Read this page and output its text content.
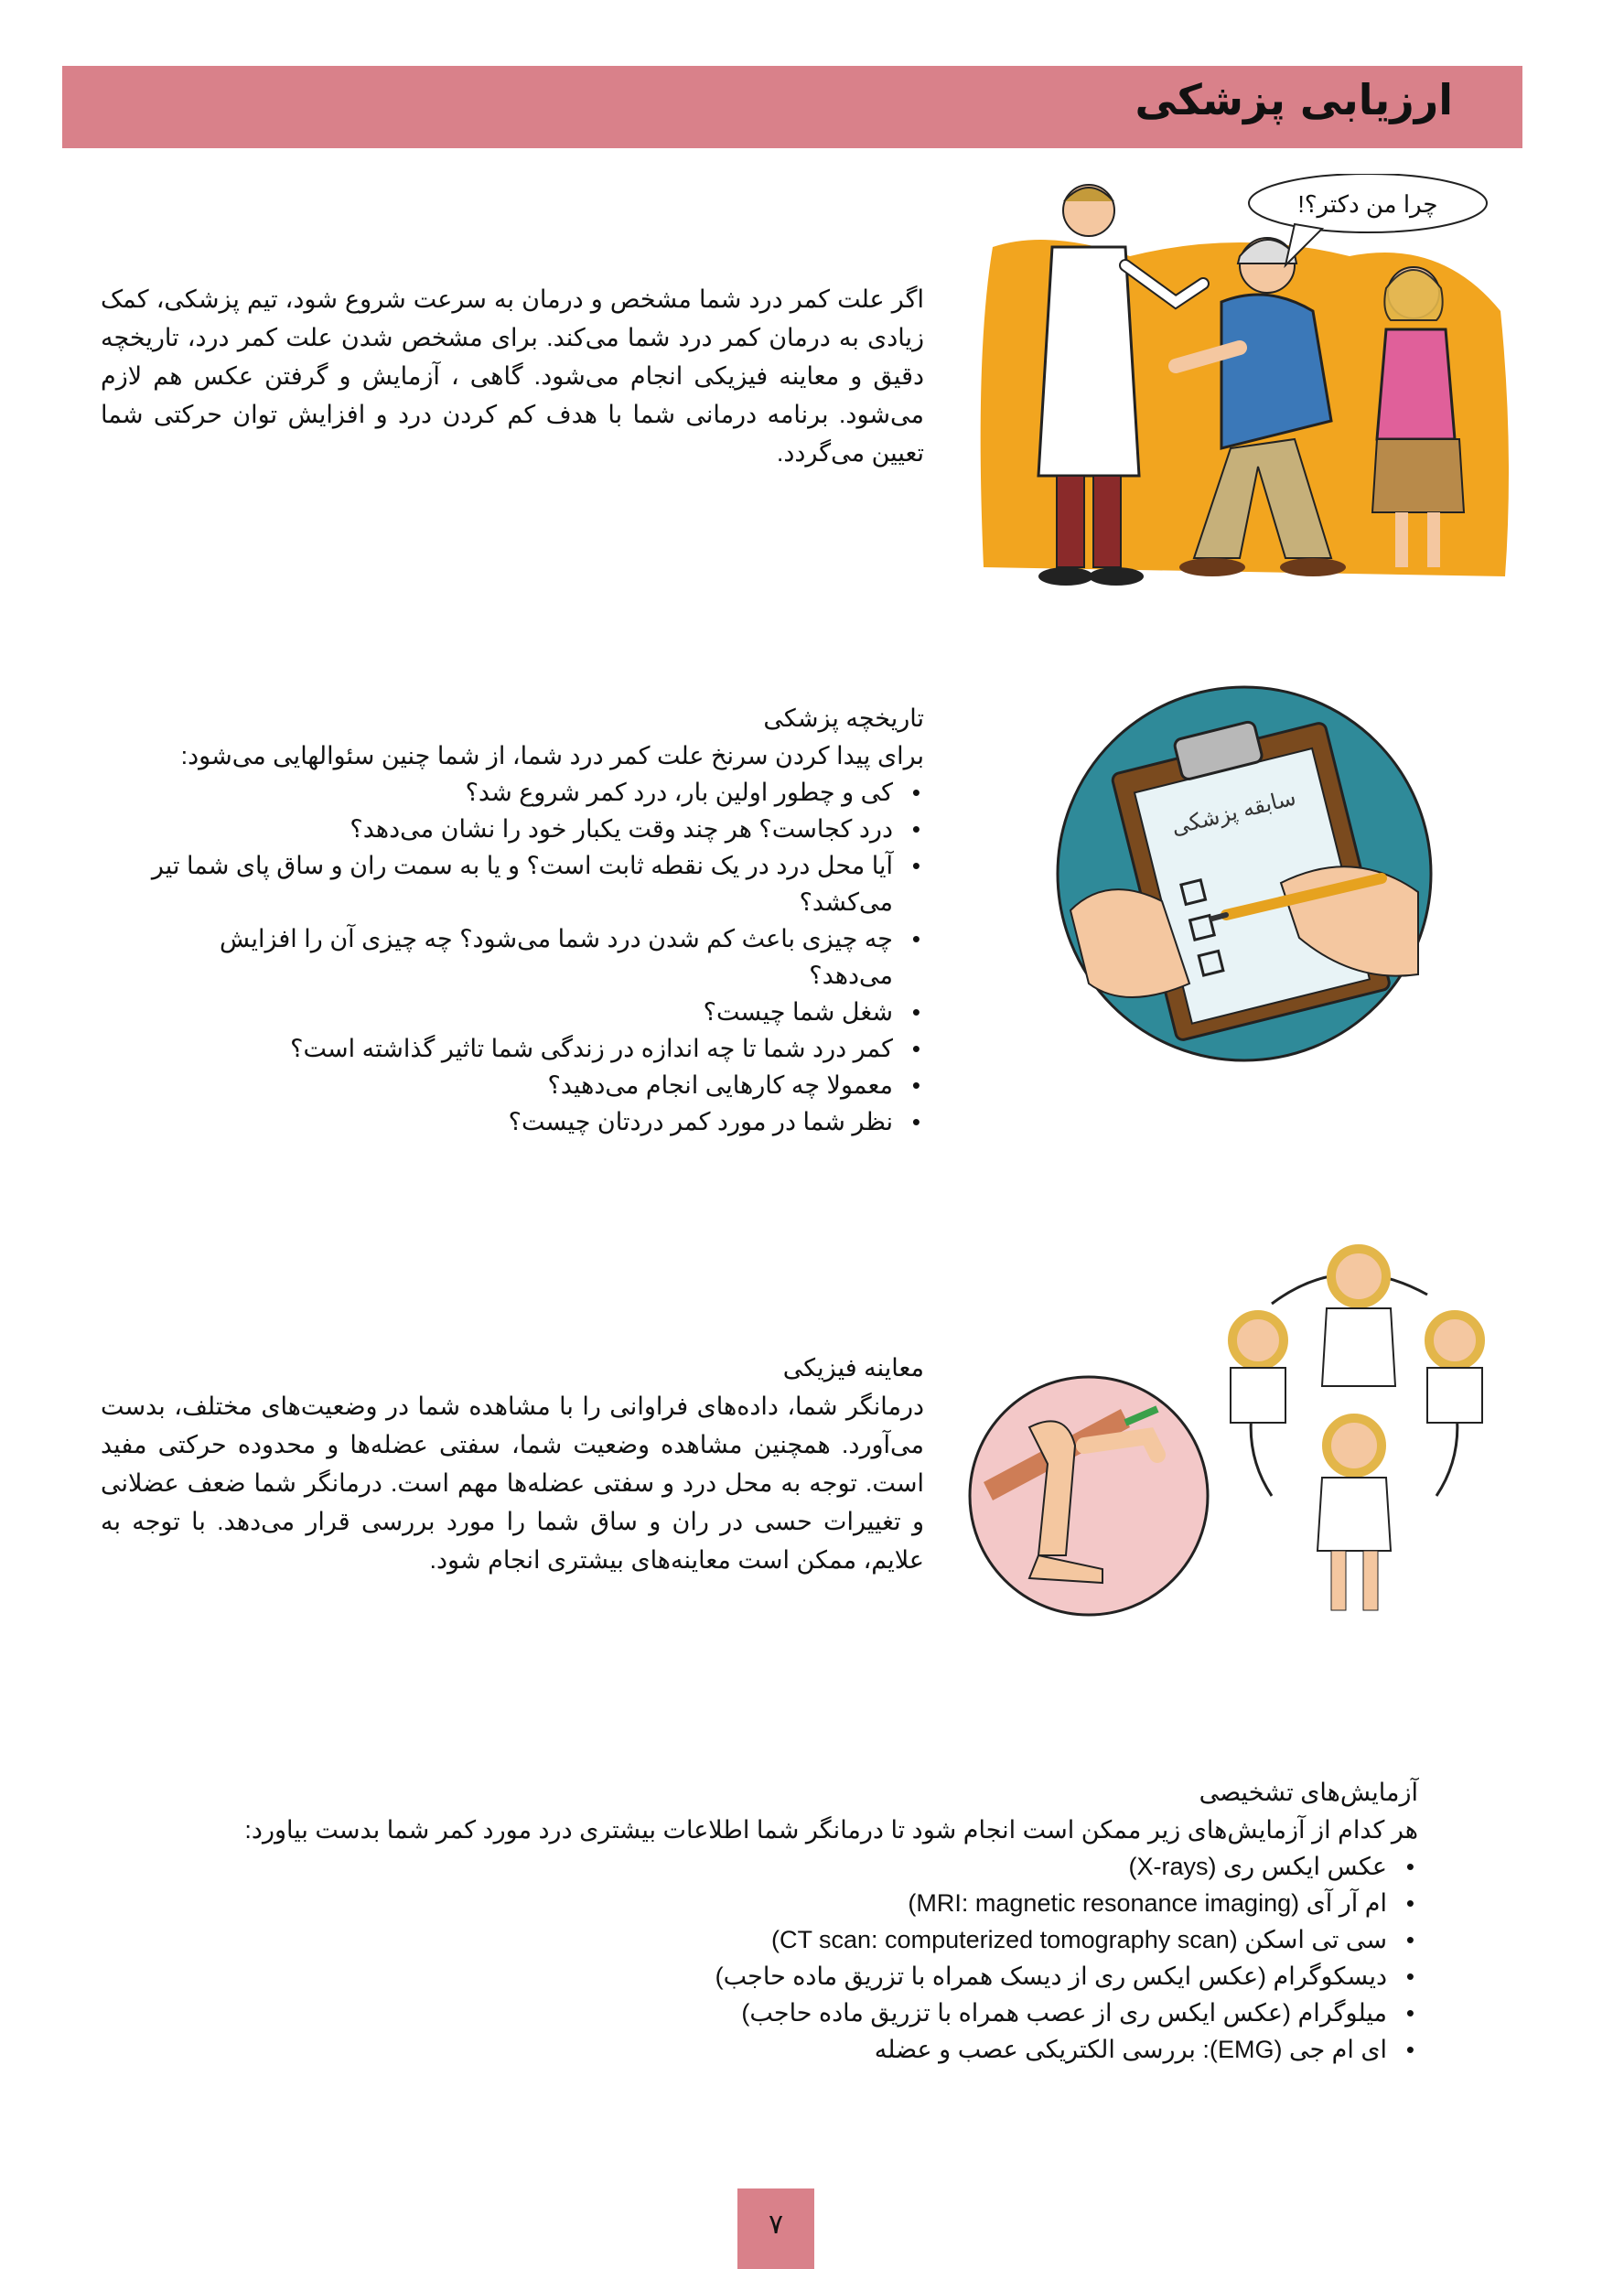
ارزیابی پزشکی
چرا من دکتر؟!

اگر علت کمر درد شما مشخص و درمان به سرعت شروع شود، تیم پزشکی، کمک زیادی به درمان کمر درد شما می‌کند. برای مشخص شدن علت کمر درد، تاریخچه دقیق و معاینه فیزیکی انجام می‌شود. گاهی ، آزمایش و گرفتن عکس هم لازم می‌شود. برنامه درمانی شما با هدف کم کردن درد و افزایش توان حرکتی شما تعیین می‌گردد.

سابقه پزشکی

تاریخچه پزشکی

برای پیدا کردن سرنخ علت کمر درد شما، از شما چنین سئوالهایی می‌شود:

• کی و چطور اولین بار، درد کمر شروع شد؟
• درد کجاست؟ هر چند وقت یکبار خود را نشان می‌دهد؟
• آیا محل درد در یک نقطه ثابت است؟ و یا به سمت ران و ساق پای شما تیر می‌کشد؟
• چه چیزی باعث کم شدن درد شما می‌شود؟ چه چیزی آن را افزایش می‌دهد؟
• شغل شما چیست؟
• کمر درد شما تا چه اندازه در زندگی شما تاثیر گذاشته است؟
• معمولا چه کارهایی انجام می‌دهید؟
• نظر شما در مورد کمر دردتان چیست؟

معاینه فیزیکی

درمانگر شما، داده‌های فراوانی را با مشاهده شما در وضعیت‌های مختلف، بدست می‌آورد. همچنین مشاهده وضعیت شما، سفتی عضله‌ها و محدوده حرکتی مفید است. توجه به محل درد و سفتی عضله‌ها مهم است. درمانگر شما ضعف عضلانی و تغییرات حسی در ران و ساق شما را مورد بررسی قرار می‌دهد. با توجه به علایم، ممکن است معاینه‌های بیشتری انجام شود.

آزمایش‌های تشخیصی

هر کدام از آزمایش‌های زیر ممکن است انجام شود تا درمانگر شما اطلاعات بیشتری درد مورد کمر شما بدست بیاورد:

• عکس ایکس ری (X-rays)
• ام آر آی (MRI: magnetic resonance imaging)
• سی تی اسکن (CT scan: computerized tomography scan)
• دیسکوگرام (عکس ایکس ری از دیسک همراه با تزریق ماده حاجب)
• میلوگرام (عکس ایکس ری از عصب همراه با تزریق ماده حاجب)
• ای ام جی (EMG): بررسی الکتریکی عصب و عضله
۷
